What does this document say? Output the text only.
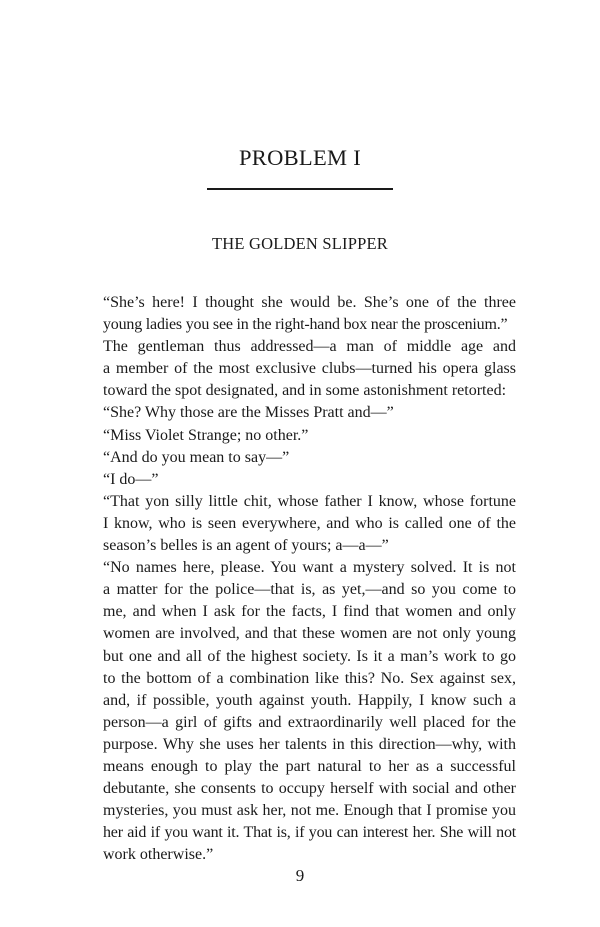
PROBLEM I
THE GOLDEN SLIPPER
“She’s here! I thought she would be. She’s one of the three
young ladies you see in the right-hand box near the proscenium.”
The gentleman thus addressed—a man of middle age and
a member of the most exclusive clubs—turned his opera glass
toward the spot designated, and in some astonishment retorted:
“She? Why those are the Misses Pratt and—”
“Miss Violet Strange; no other.”
“And do you mean to say—”
“I do—”
“That yon silly little chit, whose father I know, whose fortune
I know, who is seen everywhere, and who is called one of the
season’s belles is an agent of yours; a—a—”
“No names here, please. You want a mystery solved. It is not
a matter for the police—that is, as yet,—and so you come to
me, and when I ask for the facts, I find that women and only
women are involved, and that these women are not only young
but one and all of the highest society. Is it a man’s work to go
to the bottom of a combination like this? No. Sex against sex,
and, if possible, youth against youth. Happily, I know such a
person—a girl of gifts and extraordinarily well placed for the
purpose. Why she uses her talents in this direction—why, with
means enough to play the part natural to her as a successful
debutante, she consents to occupy herself with social and other
mysteries, you must ask her, not me. Enough that I promise you
her aid if you want it. That is, if you can interest her. She will not
work otherwise.”
9
